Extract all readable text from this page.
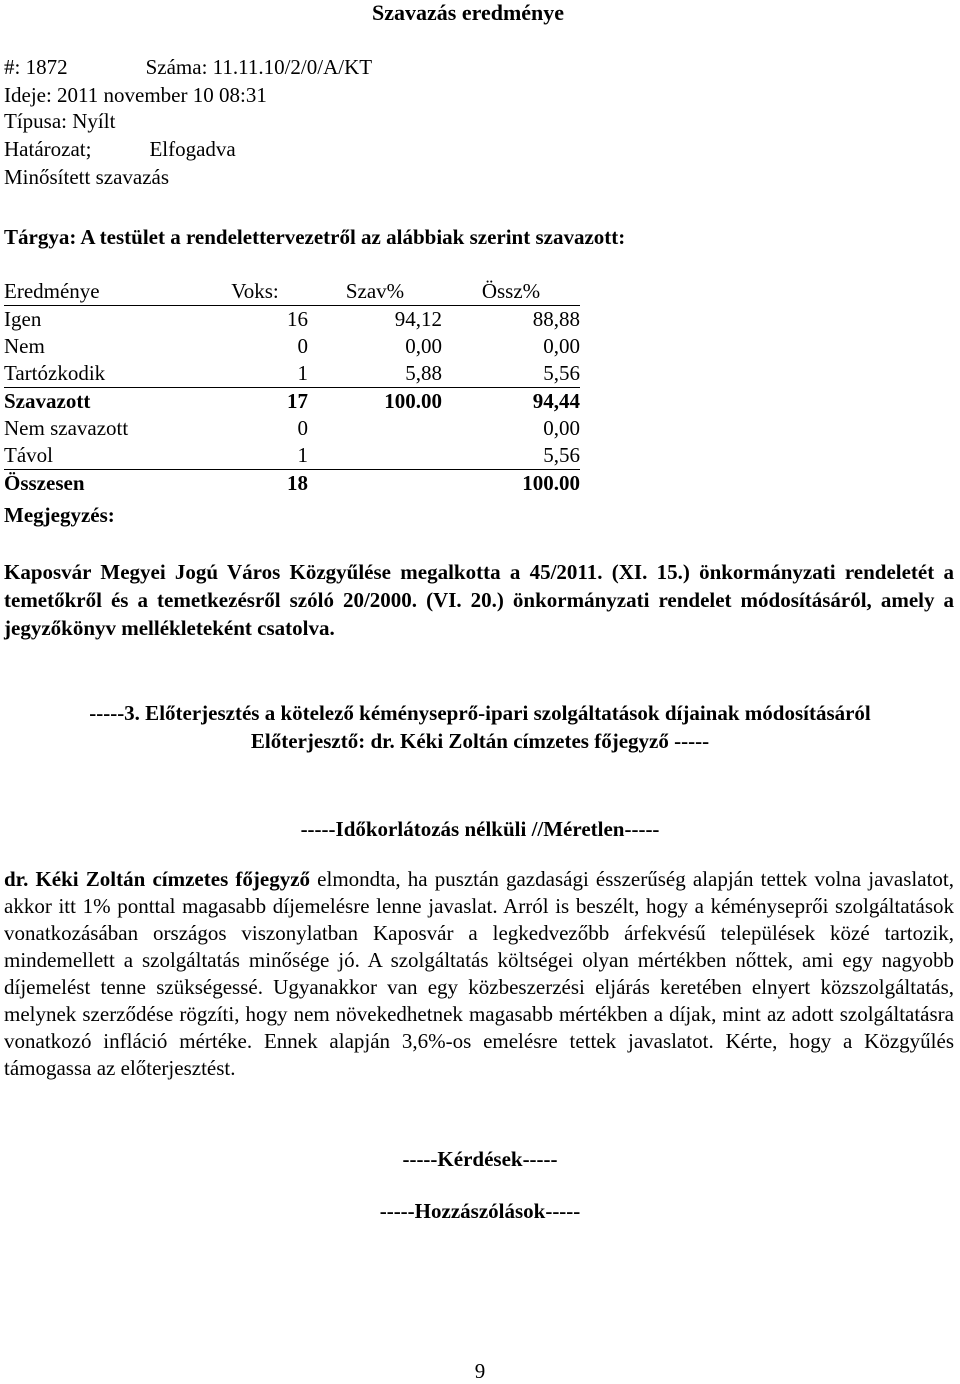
Szavazás eredménye
#: 1872	Száma: 11.11.10/2/0/A/KT
Ideje: 2011 november 10 08:31
Típusa: Nyílt
Határozat;	Elfogadva
Minősített szavazás
Tárgya: A testület a rendelettervezetről az alábbiak szerint szavazott:
Eredménye	Voks:	Szav%	Össz%
Igen	16	94,12	88,88
Nem	0	0,00	0,00
Tartózkodik	1	5,88	5,56
Szavazott	17	100.00	94,44
Nem szavazott	0		0,00
Távol	1		5,56
Összesen	18		100.00
Megjegyzés:
Kaposvár Megyei Jogú Város Közgyűlése megalkotta a 45/2011. (XI. 15.) önkormányzati rendeletét a temetőkről és a temetkezésről szóló 20/2000. (VI. 20.) önkormányzati rendelet módosításáról, amely a jegyzőkönyv mellékleteként csatolva.
-----3. Előterjesztés a kötelező kéményseprő-ipari szolgáltatások díjainak módosításáról
Előterjesztő: dr. Kéki Zoltán címzetes főjegyző -----
-----Időkorlátozás nélküli //Méretlen-----
dr. Kéki Zoltán címzetes főjegyző elmondta, ha pusztán gazdasági ésszerűség alapján tettek volna javaslatot, akkor itt 1% ponttal magasabb díjemelésre lenne javaslat. Arról is beszélt, hogy a kéményseprői szolgáltatások vonatkozásában országos viszonylatban Kaposvár a legkedvezőbb árfekvésű települések közé tartozik, mindemellett a szolgáltatás minősége jó. A szolgáltatás költségei olyan mértékben nőttek, ami egy nagyobb díjemelést tenne szükségessé. Ugyanakkor van egy közbeszerzési eljárás keretében elnyert közszolgáltatás, melynek szerződése rögzíti, hogy nem növekedhetnek magasabb mértékben a díjak, mint az adott szolgáltatásra vonatkozó infláció mértéke. Ennek alapján 3,6%-os emelésre tettek javaslatot. Kérte, hogy a Közgyűlés támogassa az előterjesztést.
-----Kérdések-----
-----Hozzászólások-----
9
